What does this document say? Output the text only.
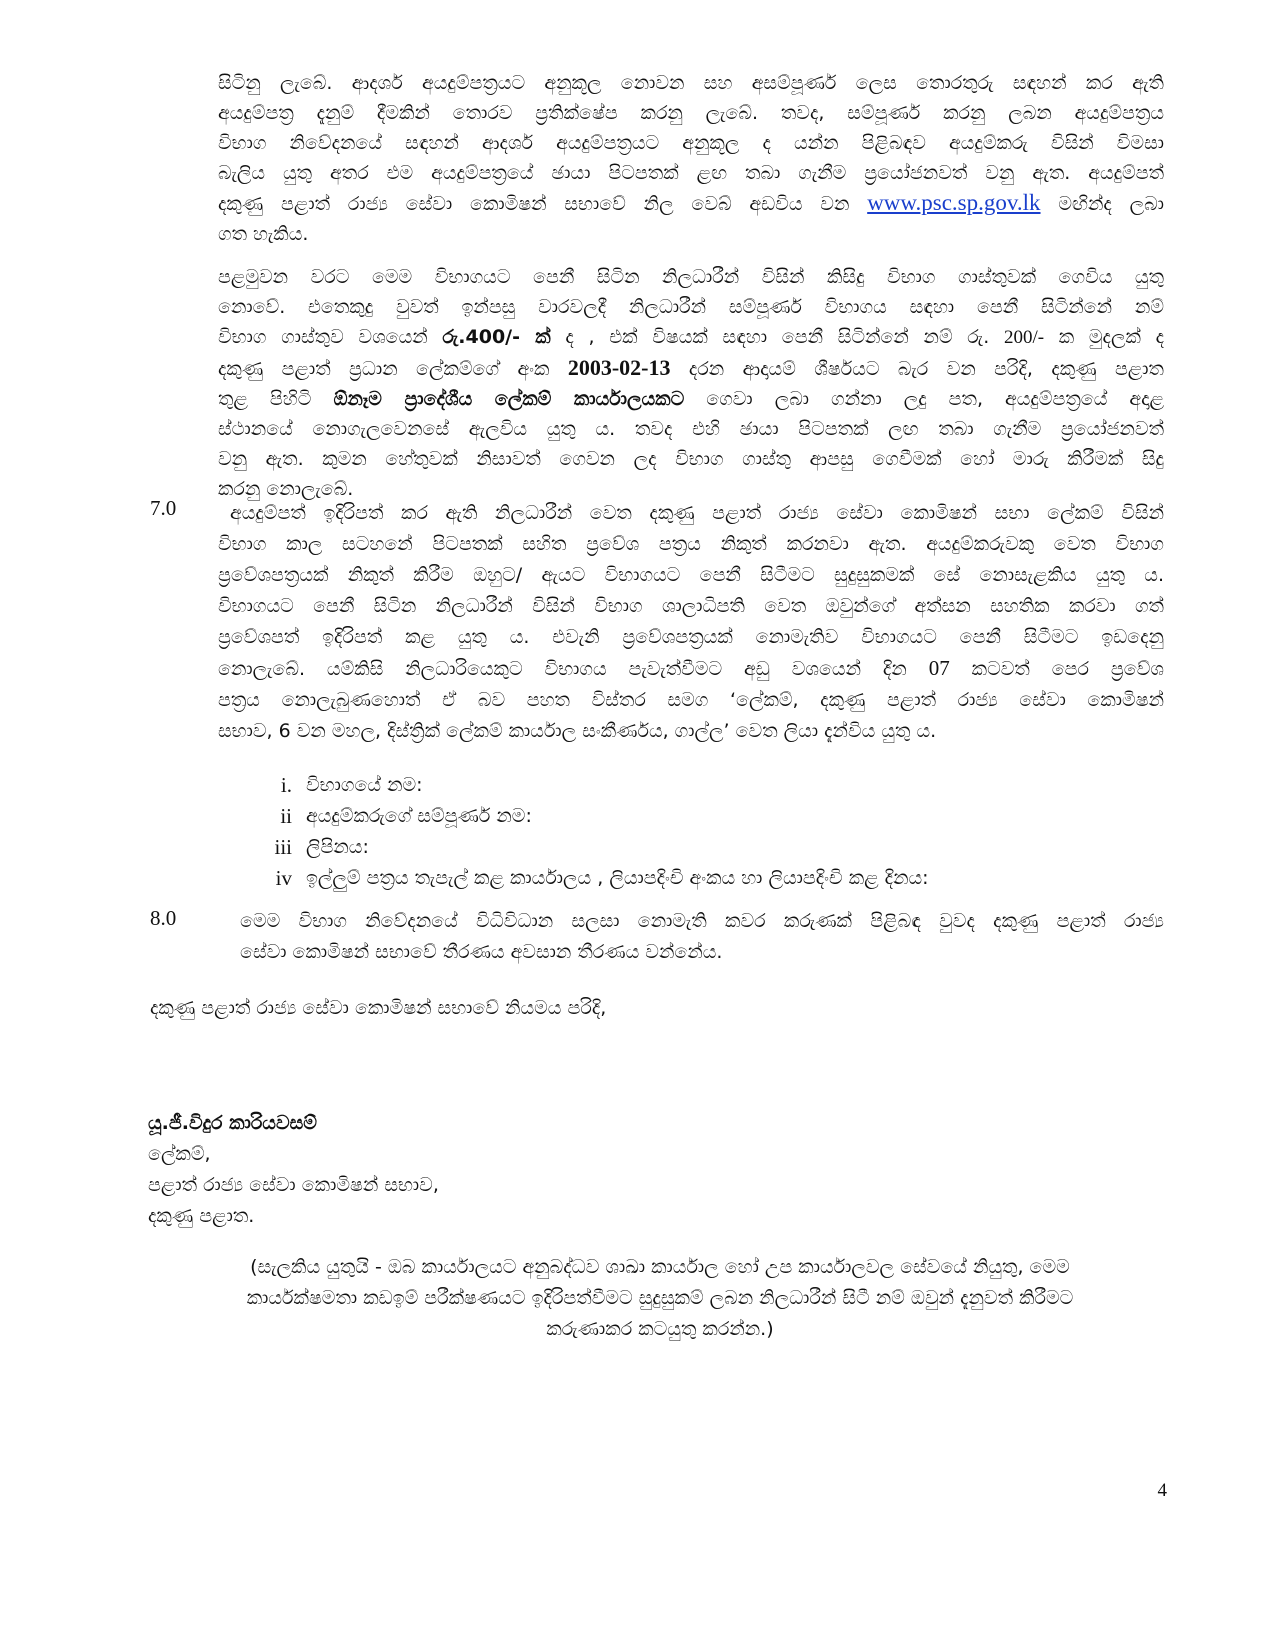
සිටිනු ලැබේ. ආදර්ශ අයදුම්පත්‍රයට අනුකූල නොවන සහ අසම්පූර්ණ ලෙස තොරතුරු සඳහන් කර ඇති
අයදුම්පත්‍ර දැනුම් දීමකින් තොරව ප්‍රතික්ෂේප කරනු ලැබේ. තවද, සම්පූර්ණ කරනු ලබන අයදුම්පත්‍රය
විභාග නිවේදනයේ සඳහන් ආදර්ශ අයදුම්පත්‍රයට අනුකූල ද යන්න පිළිබඳව අයදුම්කරු විසින් විමසා
බැලිය යුතු අතර එම අයදුම්පත්‍රයේ ඡායා පිටපතක් ළඟ තබා ගැනීම ප්‍රයෝජනවත් වනු ඇත. අයදුම්පත්
දකුණු පළාත් රාජ්‍ය සේවා කොමිෂන් සභාවේ නිල වෙබ් අඩවිය වන www.psc.sp.gov.lk මඟින්ද ලබා
ගත හැකිය.
පළමුවන වරට මෙම විභාගයට පෙනී සිටින නිලධාරීන් විසින් කිසිදු විභාග ගාස්තුවක් ගෙවිය යුතු
නොවේ. එතෙකුදු වුවත් ඉන්පසු වාරවලදී නිලධාරීන් සම්පූර්ණ විභාගය සඳහා පෙනී සිටින්නේ නම්
විභාග ගාස්තුව වශයෙන් රු.400/- ක් ද , එක් විෂයක් සඳහා පෙනී සිටින්නේ නම් රු. 200/- ක මුදලක් ද
දකුණු පළාත් ප්‍රධාන ලේකම්ගේ අංක 2003-02-13 දරන ආදායම් ශීර්ෂයට බැර වන පරිදි, දකුණු පළාත
තුළ පිහිටි ඕනෑම ප්‍රාදේශීය ලේකම් කාර්යාලයකට ගෙවා ලබා ගන්නා ලදු පත, අයදුම්පත්‍රයේ අදාළ
ස්ථානයේ නොගැලවෙනසේ ඇලවිය යුතු ය. තවද එහි ඡායා පිටපතක් ලඟ තබා ගැනීම ප්‍රයෝජනවත්
වනු ඇත. කුමන හේතුවක් නිසාවත් ගෙවන ලද විභාග ගාස්තු ආපසු ගෙවීමක් හෝ මාරු කිරීමක් සිදු
කරනු නොලැබේ.
7.0	අයදුම්පත් ඉදිරිපත් කර ඇති නිලධාරීන් වෙත දකුණු පළාත් රාජ්‍ය සේවා කොමිෂන් සභා ලේකම් විසින්
විභාග කාල සටහනේ පිටපතක් සහිත ප්‍රවේශ පත්‍රය නිකුත් කරනවා ඇත. අයදුම්කරුවකු වෙත විභාග
ප්‍රවේශපත්‍රයක් නිකුත් කිරීම ඔහුට/ ඇයට විභාගයට පෙනී සිටීමට සුදුසුකමක් සේ නොසැළකිය යුතු ය.
විභාගයට පෙනී සිටින නිලධාරීන් විසින් විභාග ශාලාධිපති වෙත ඔවුන්ගේ අත්සන සහතික කරවා ගත්
ප්‍රවේශපත් ඉදිරිපත් කළ යුතු ය. එවැනි ප්‍රවේශපත්‍රයක් නොමැතිව විභාගයට පෙනී සිටීමට ඉඩදෙනු
නොලැබේ. යම්කිසි නිලධාරියෙකුට විභාගය පැවැත්වීමට අඩු වශයෙන් දින 07 කටවත් පෙර ප්‍රවේශ
පත්‍රය නොලැබුණහොත් ඒ බව පහත විස්තර සමග ‘ලේකම්, දකුණු පළාත් රාජ්‍ය සේවා කොමිෂන්
සභාව, 6 වන මහල, දිස්ත්‍රික් ලේකම් කාර්යාල සංකීර්ණය, ගාල්ල’ වෙත ලියා දැන්විය යුතු ය.
i. විභාගයේ නම:
ii අයදුම්කරුගේ සම්පූර්ණ නම:
iii ලිපිනය:
iv ඉල්ලුම් පත්‍රය තැපැල් කළ කාර්යාලය , ලියාපදිංචි අංකය හා ලියාපදිංචි කළ දිනය:
8.0	මෙම විභාග නිවේදනයේ විධිවිධාන සලසා නොමැති කවර කරුණක් පිළිබඳ වුවද දකුණු පළාත් රාජ්‍ය
සේවා කොමිෂන් සභාවේ තීරණය අවසාන තීරණය වන්නේය.
දකුණු පළාත් රාජ්‍ය සේවා කොමිෂන් සභාවේ නියමය පරිදි,
යූ.ජී.විදුර කාරියවසම්
ලේකම්,
පළාත් රාජ්‍ය සේවා කොමිෂන් සභාව,
දකුණු පළාත.
(සැලකිය යුතුයි - ඔබ කාර්යාලයට අනුබද්ධව ශාඛා කාර්යාල හෝ උප කාර්යාලවල සේවයේ නියුතු, මෙම
කාර්යක්ෂමතා කඩඉම් පරීක්ෂණයට ඉදිරිපත්වීමට සුදුසුකම් ලබන නිලධාරීන් සිටී නම් ඔවුන් දැනුවත් කිරීමට
කරුණාකර කටයුතු කරන්න.)
4
